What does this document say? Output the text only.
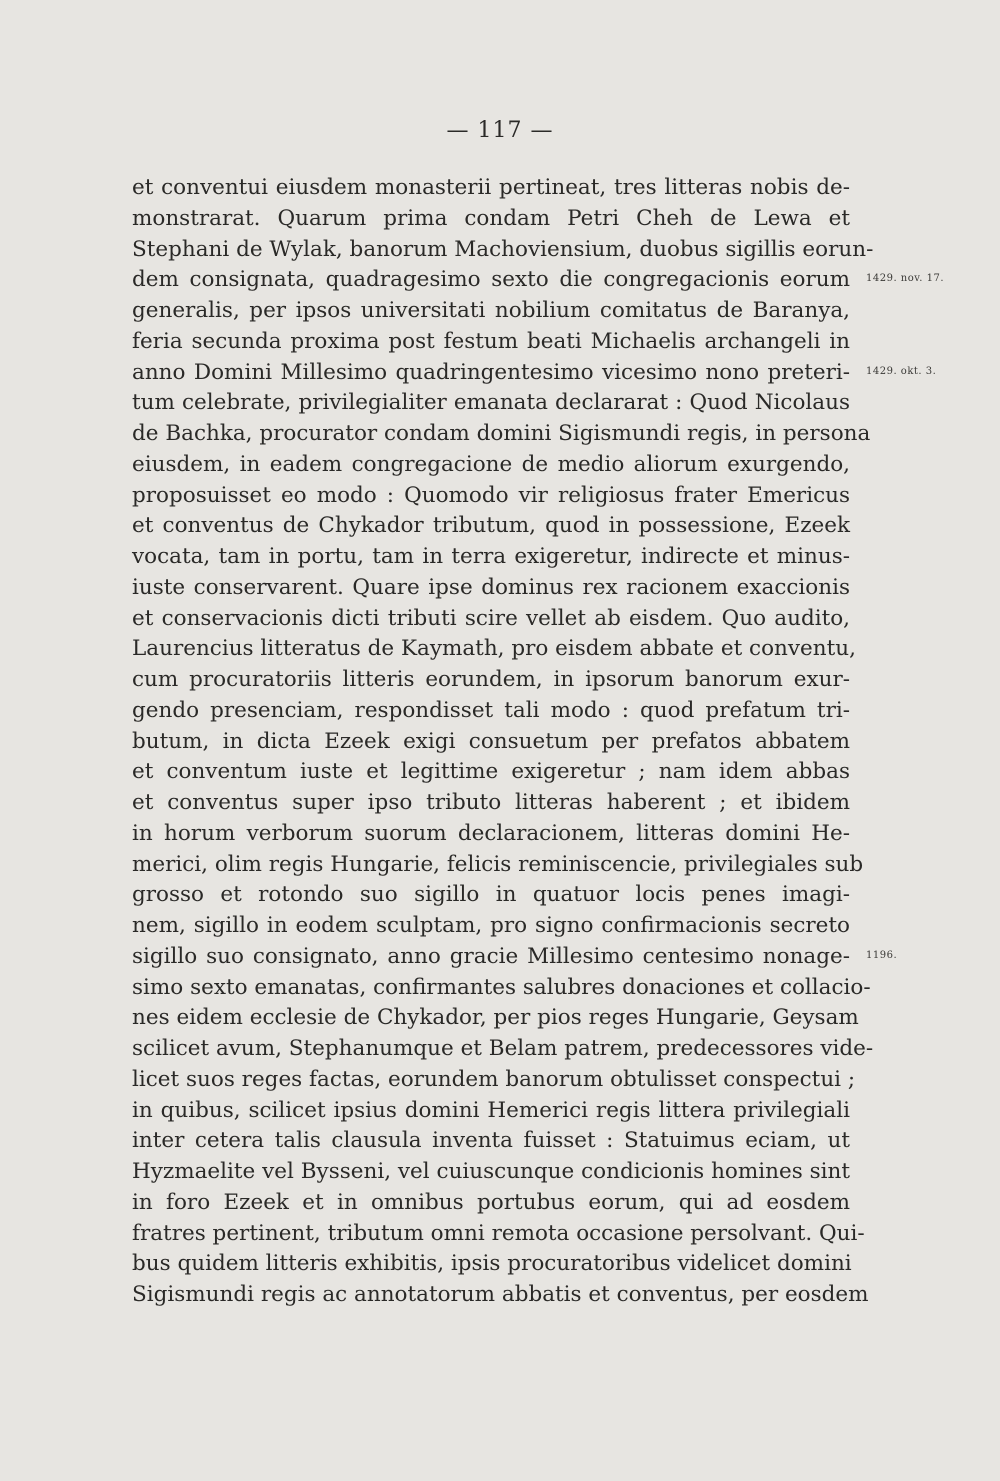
— 117 —
et conventui eiusdem monasterii pertineat, tres litteras nobis de-
monstrarat. Quarum prima condam Petri Cheh de Lewa et
Stephani de Wylak, banorum Machoviensium, duobus sigillis eorun-
dem consignata, quadragesimo sexto die congregacionis eorum
generalis, per ipsos universitati nobilium comitatus de Baranya,
feria secunda proxima post festum beati Michaelis archangeli in
anno Domini Millesimo quadringentesimo vicesimo nono preteri-
tum celebrate, privilegialiter emanata declararat : Quod Nicolaus
de Bachka, procurator condam domini Sigismundi regis, in persona
eiusdem, in eadem congregacione de medio aliorum exurgendo,
proposuisset eo modo : Quomodo vir religiosus frater Emericus
et conventus de Chykador tributum, quod in possessione, Ezeek
vocata, tam in portu, tam in terra exigeretur, indirecte et minus-
iuste conservarent. Quare ipse dominus rex racionem exaccionis
et conservacionis dicti tributi scire vellet ab eisdem. Quo audito,
Laurencius litteratus de Kaymath, pro eisdem abbate et conventu,
cum procuratoriis litteris eorundem, in ipsorum banorum exur-
gendo presenciam, respondisset tali modo : quod prefatum tri-
butum, in dicta Ezeek exigi consuetum per prefatos abbatem
et conventum iuste et legittime exigeretur ; nam idem abbas
et conventus super ipso tributo litteras haberent ; et ibidem
in horum verborum suorum declaracionem, litteras domini He-
merici, olim regis Hungarie, felicis reminiscencie, privilegiales sub
grosso et rotondo suo sigillo in quatuor locis penes imagi-
nem, sigillo in eodem sculptam, pro signo confirmacionis secreto
sigillo suo consignato, anno gracie Millesimo centesimo nonage-
simo sexto emanatas, confirmantes salubres donaciones et collacio-
nes eidem ecclesie de Chykador, per pios reges Hungarie, Geysam
scilicet avum, Stephanumque et Belam patrem, predecessores vide-
licet suos reges factas, eorundem banorum obtulisset conspectui ;
in quibus, scilicet ipsius domini Hemerici regis littera privilegiali
inter cetera talis clausula inventa fuisset : Statuimus eciam, ut
Hyzmaelite vel Bysseni, vel cuiuscunque condicionis homines sint
in foro Ezeek et in omnibus portubus eorum, qui ad eosdem
fratres pertinent, tributum omni remota occasione persolvant. Qui-
bus quidem litteris exhibitis, ipsis procuratoribus videlicet domini
Sigismundi regis ac annotatorum abbatis et conventus, per eosdem
1429. nov. 17.
1429. okt. 3.
1196.
